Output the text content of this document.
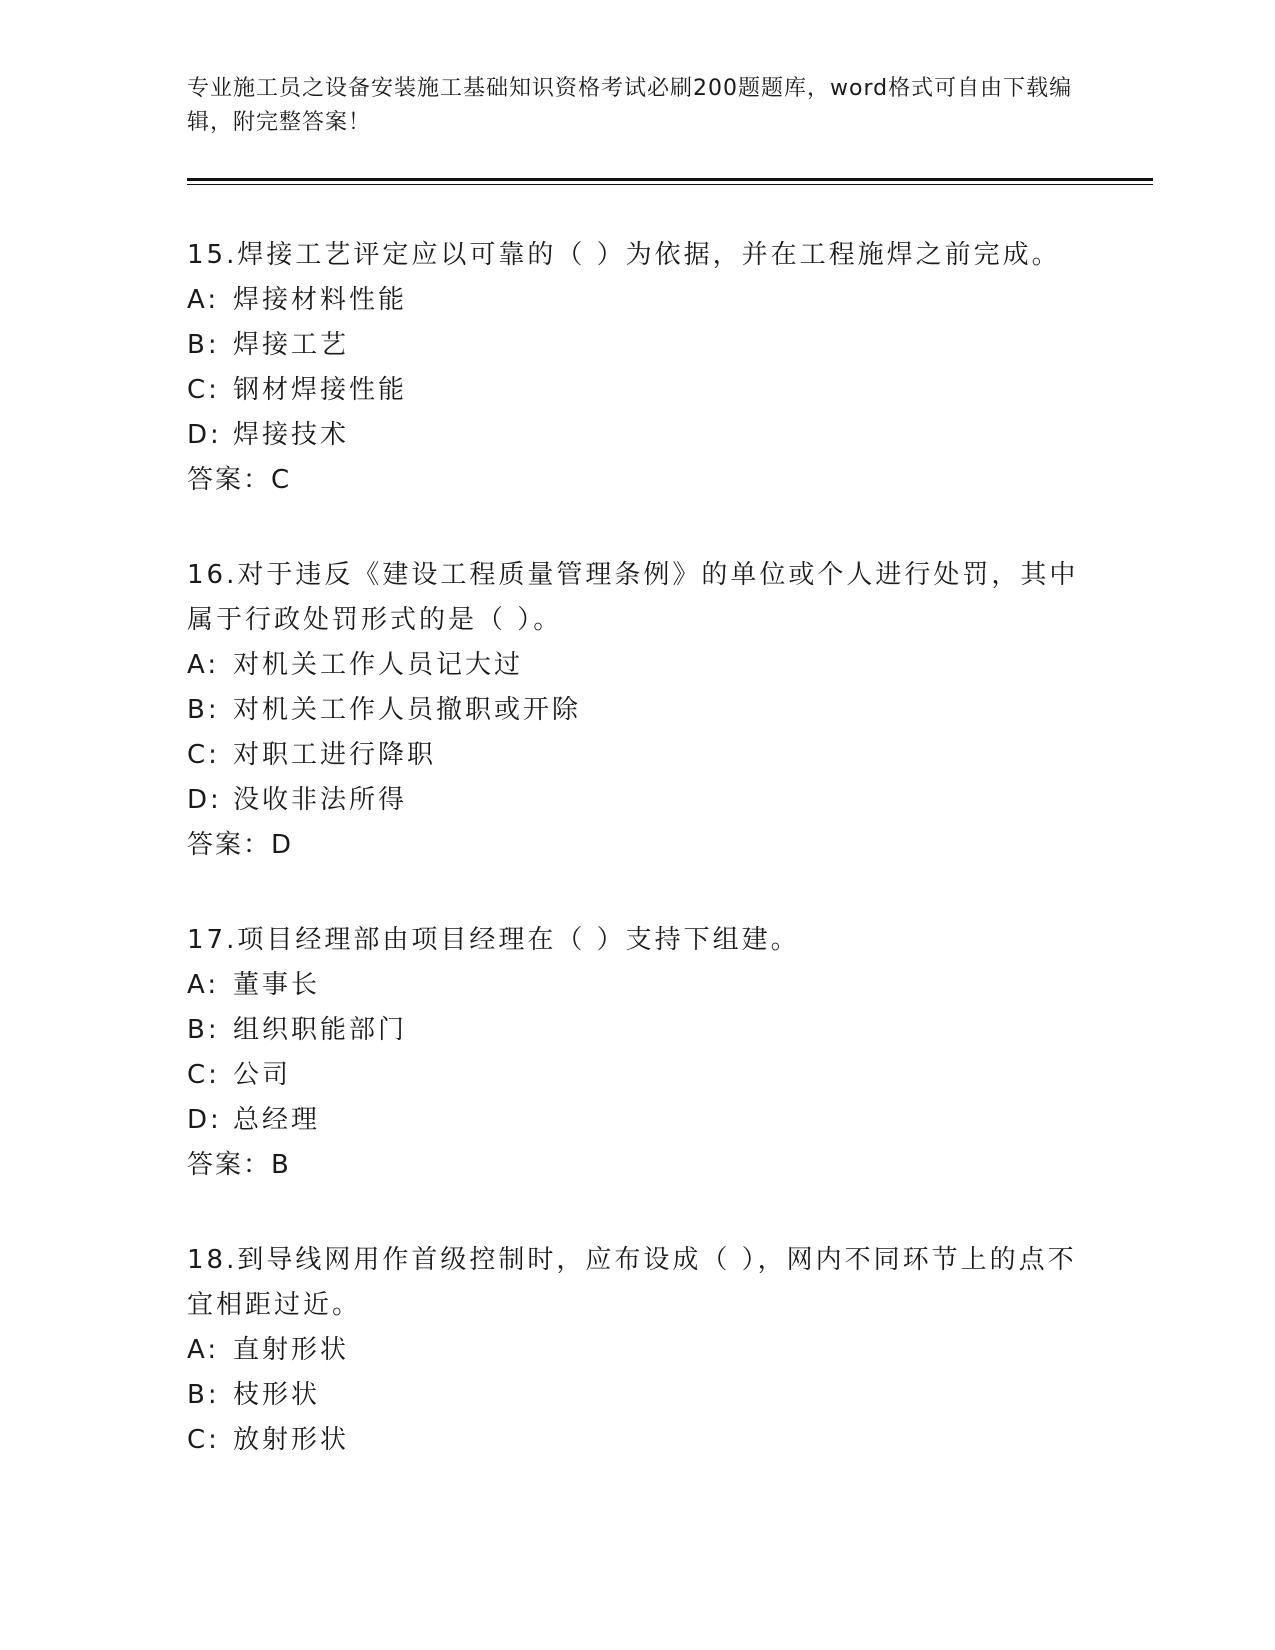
专业施工员之设备安装施工基础知识资格考试必刷200题题库，word格式可自由下载编辑，附完整答案！

15.焊接工艺评定应以可靠的（ ）为依据，并在工程施焊之前完成。

A: 焊接材料性能

B: 焊接工艺

C: 钢材焊接性能

D: 焊接技术

答案：C

16.对于违反《建设工程质量管理条例》的单位或个人进行处罚，其中属于行政处罚形式的是（ ）。

A: 对机关工作人员记大过

B: 对机关工作人员撤职或开除

C: 对职工进行降职

D: 没收非法所得

答案：D

17.项目经理部由项目经理在（ ）支持下组建。

A: 董事长

B: 组织职能部门

C: 公司

D: 总经理

答案：B

18.到导线网用作首级控制时，应布设成（ ），网内不同环节上的点不宜相距过近。

A: 直射形状

B: 枝形状

C: 放射形状
